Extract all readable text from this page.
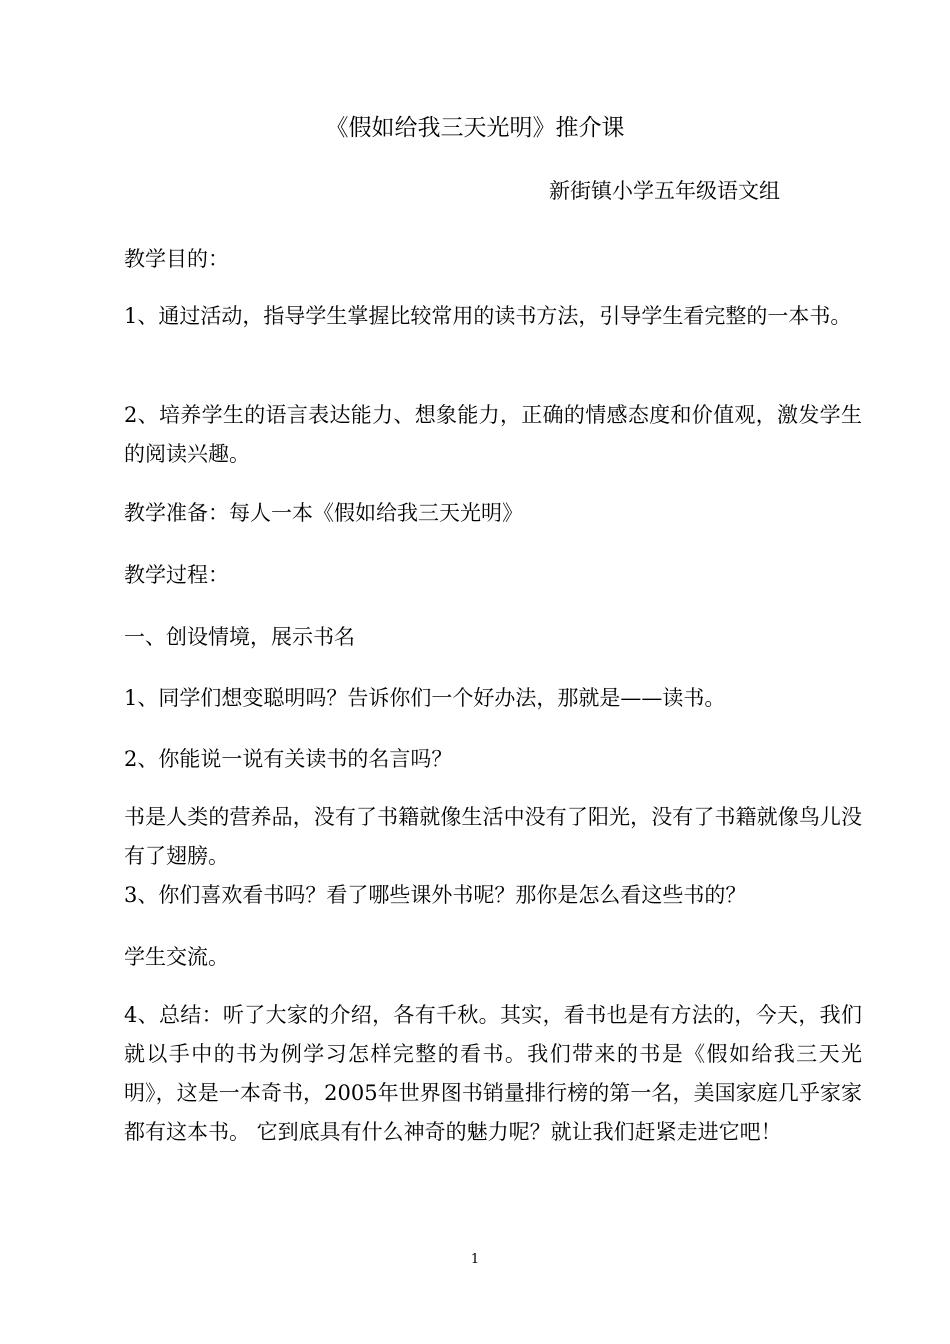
《假如给我三天光明》推介课
新街镇小学五年级语文组

教学目的：

1、通过活动，指导学生掌握比较常用的读书方法，引导学生看完整的一本书。

2、培养学生的语言表达能力、想象能力，正确的情感态度和价值观，激发学生的阅读兴趣。

教学准备：每人一本《假如给我三天光明》

教学过程：

一、创设情境，展示书名

1、同学们想变聪明吗？告诉你们一个好办法，那就是——读书。

2、你能说一说有关读书的名言吗？

书是人类的营养品，没有了书籍就像生活中没有了阳光，没有了书籍就像鸟儿没有了翅膀。

3、你们喜欢看书吗？看了哪些课外书呢？那你是怎么看这些书的？

学生交流。

4、总结：听了大家的介绍，各有千秋。其实，看书也是有方法的，今天，我们就以手中的书为例学习怎样完整的看书。我们带来的书是《假如给我三天光明》，这是一本奇书，2005年世界图书销量排行榜的第一名，美国家庭几乎家家都有这本书。 它到底具有什么神奇的魅力呢？就让我们赶紧走进它吧！

1
